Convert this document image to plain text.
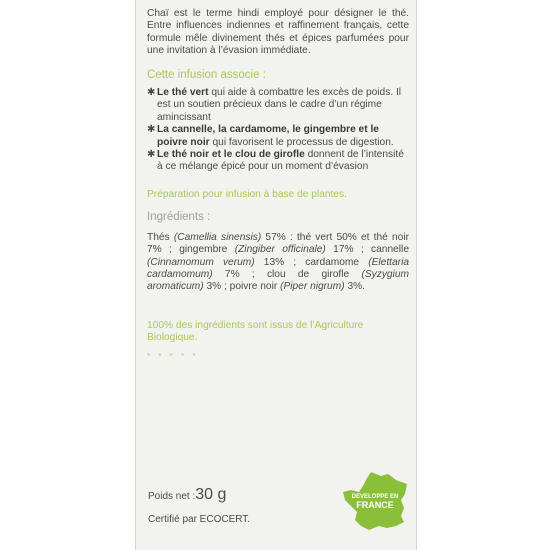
Chaï est le terme hindi employé pour désigner le thé. Entre influences indiennes et raffinement français, cette formule mêle divinement thés et épices parfumées pour une invitation à l’évasion immédiate.

Cette infusion associe :

✱ Le thé vert qui aide à combattre les excès de poids. Il est un soutien précieux dans le cadre d’un régime amincissant

✱ La cannelle, la cardamome, le gingembre et le poivre noir qui favorisent le processus de digestion.

✱ Le thé noir et le clou de girofle donnent de l’intensité à ce mélange épicé pour un moment d’évasion

Préparation pour infusion à base de plantes.
Ingrédients :

Thés (Camellia sinensis) 57% : thé vert 50% et thé noir 7% ; gingembre (Zingiber officinale) 17% ; cannelle (Cinnamomum verum) 13% ; cardamome (Elettaria cardamomum) 7% ; clou de girofle (Syzygium aromaticum) 3% ; poivre noir (Piper nigrum) 3%.

100% des ingrédients sont issus de l’Agriculture Biologique.
* * * * *
Poids net :30 g
Certifié par ECOCERT.
DEVELOPPE EN
FRANCE
